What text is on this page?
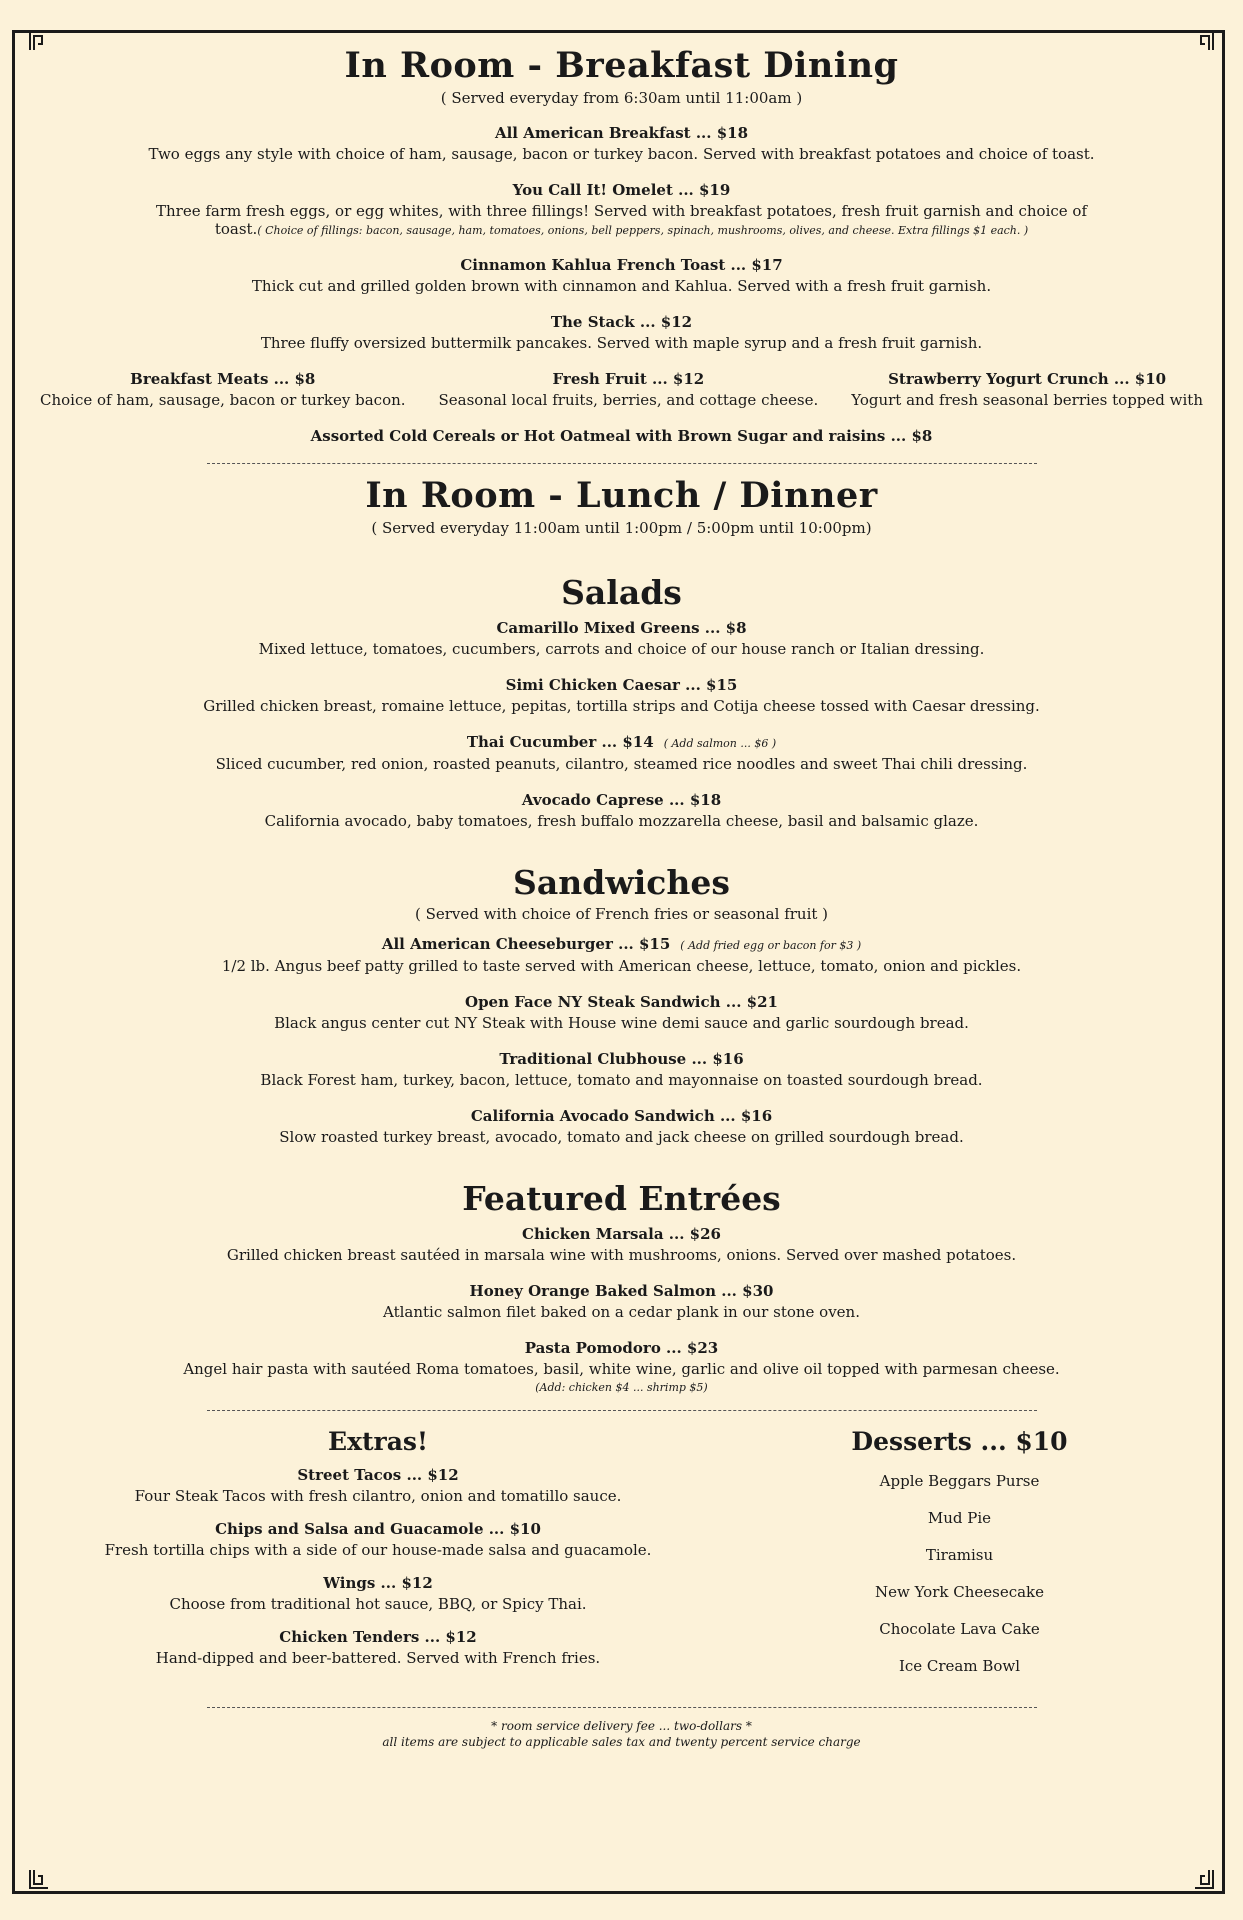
In Room - Breakfast Dining
( Served everyday from 6:30am until 11:00am )
All American Breakfast ... $18
Two eggs any style with choice of ham, sausage, bacon or turkey bacon. Served with breakfast potatoes and choice of toast.
You Call It! Omelet ... $19
Three farm fresh eggs, or egg whites, with three fillings! Served with breakfast potatoes, fresh fruit garnish and choice of
toast.( Choice of fillings: bacon, sausage, ham, tomatoes, onions, bell peppers, spinach, mushrooms, olives, and cheese. Extra fillings $1 each. )
Cinnamon Kahlua French Toast ... $17
Thick cut and grilled golden brown with cinnamon and Kahlua. Served with a fresh fruit garnish.
The Stack ... $12
Three fluffy oversized buttermilk pancakes. Served with maple syrup and a fresh fruit garnish.
Breakfast Meats ... $8
Choice of ham, sausage, bacon or turkey bacon.
Fresh Fruit ... $12
Seasonal local fruits, berries, and cottage cheese.
Strawberry Yogurt Crunch ... $10
Yogurt and fresh seasonal berries topped with
Assorted Cold Cereals or Hot Oatmeal with Brown Sugar and raisins ... $8
In Room - Lunch / Dinner
( Served everyday 11:00am until 1:00pm / 5:00pm until 10:00pm)
Salads
Camarillo Mixed Greens ... $8
Mixed lettuce, tomatoes, cucumbers, carrots and choice of our house ranch or Italian dressing.
Simi Chicken Caesar ... $15
Grilled chicken breast, romaine lettuce, pepitas, tortilla strips and Cotija cheese tossed with Caesar dressing.
Thai Cucumber ... $14 ( Add salmon ... $6 )
Sliced cucumber, red onion, roasted peanuts, cilantro, steamed rice noodles and sweet Thai chili dressing.
Avocado Caprese ... $18
California avocado, baby tomatoes, fresh buffalo mozzarella cheese, basil and balsamic glaze.
Sandwiches
( Served with choice of French fries or seasonal fruit )
All American Cheeseburger ... $15 ( Add fried egg or bacon for $3 )
1/2 lb. Angus beef patty grilled to taste served with American cheese, lettuce, tomato, onion and pickles.
Open Face NY Steak Sandwich ... $21
Black angus center cut NY Steak with House wine demi sauce and garlic sourdough bread.
Traditional Clubhouse ... $16
Black Forest ham, turkey, bacon, lettuce, tomato and mayonnaise on toasted sourdough bread.
California Avocado Sandwich ... $16
Slow roasted turkey breast, avocado, tomato and jack cheese on grilled sourdough bread.
Featured Entrées
Chicken Marsala ... $26
Grilled chicken breast sautéed in marsala wine with mushrooms, onions. Served over mashed potatoes.
Honey Orange Baked Salmon ... $30
Atlantic salmon filet baked on a cedar plank in our stone oven.
Pasta Pomodoro ... $23
Angel hair pasta with sautéed Roma tomatoes, basil, white wine, garlic and olive oil topped with parmesan cheese.
(Add: chicken $4 ... shrimp $5)
Extras!
Street Tacos ... $12
Four Steak Tacos with fresh cilantro, onion and tomatillo sauce.
Chips and Salsa and Guacamole ... $10
Fresh tortilla chips with a side of our house-made salsa and guacamole.
Wings ... $12
Choose from traditional hot sauce, BBQ, or Spicy Thai.
Chicken Tenders ... $12
Hand-dipped and beer-battered. Served with French fries.
Desserts ... $10
Apple Beggars Purse
Mud Pie
Tiramisu
New York Cheesecake
Chocolate Lava Cake
Ice Cream Bowl
* room service delivery fee ... two-dollars *
all items are subject to applicable sales tax and twenty percent service charge
